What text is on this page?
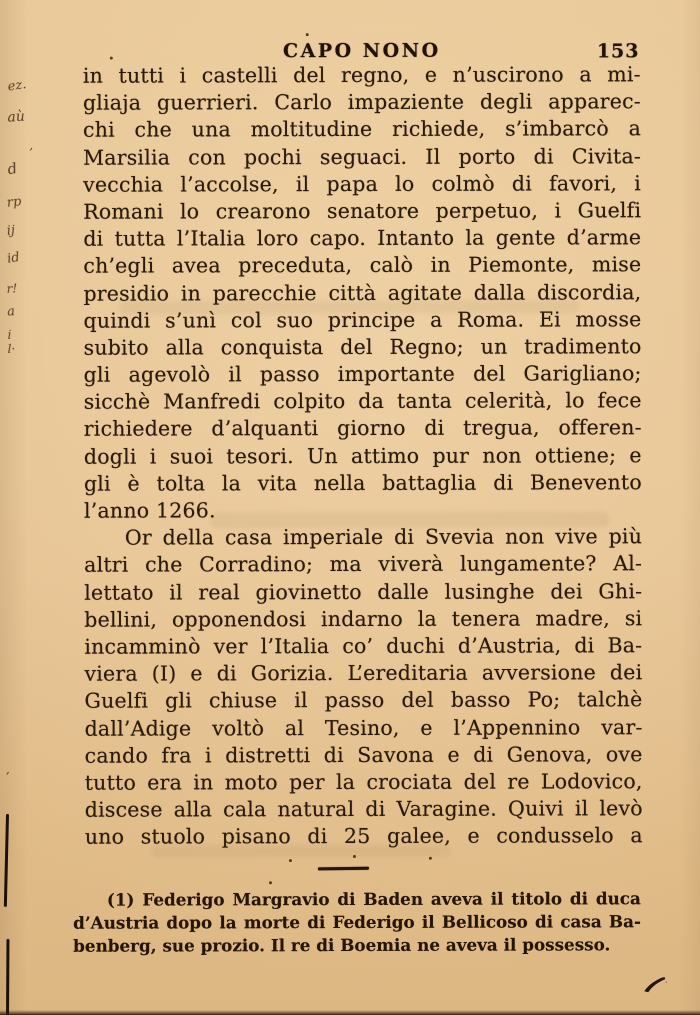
CAPO NONO	153
in tutti i castelli del regno, e n’uscirono a mi-
gliaja guerrieri. Carlo impaziente degli apparec-
chi che una moltitudine richiede, s’imbarcò a
Marsilia con pochi seguaci. Il porto di Civita-
vecchia l’accolse, il papa lo colmò di favori, i
Romani lo crearono senatore perpetuo, i Guelfi
di tutta l’Italia loro capo. Intanto la gente d’arme
ch’egli avea preceduta, calò in Piemonte, mise
presidio in parecchie città agitate dalla discordia,
quindi s’unì col suo principe a Roma. Ei mosse
subito alla conquista del Regno; un tradimento
gli agevolò il passo importante del Garigliano;
sicchè Manfredi colpito da tanta celerità, lo fece
richiedere d’alquanti giorno di tregua, offeren-
dogli i suoi tesori. Un attimo pur non ottiene; e
gli è tolta la vita nella battaglia di Benevento
l’anno 1266.
Or della casa imperiale di Svevia non vive più
altri che Corradino; ma viverà lungamente? Al-
lettato il real giovinetto dalle lusinghe dei Ghi-
bellini, opponendosi indarno la tenera madre, si
incamminò ver l’Italia co’ duchi d’Austria, di Ba-
viera (I) e di Gorizia. L’ereditaria avversione dei
Guelfi gli chiuse il passo del basso Po; talchè
dall’Adige voltò al Tesino, e l’Appennino var-
cando fra i distretti di Savona e di Genova, ove
tutto era in moto per la crociata del re Lodovico,
discese alla cala natural di Varagine. Quivi il levò
uno stuolo pisano di 25 galee, e condusselo a
(1) Federigo Margravio di Baden aveva il titolo di duca
d’Austria dopo la morte di Federigo il Bellicoso di casa Ba-
benberg, sue prozio. Il re di Boemia ne aveva il possesso.
ez.
aù
’
d
rp
ij
id
r!
a
i
l·
’
